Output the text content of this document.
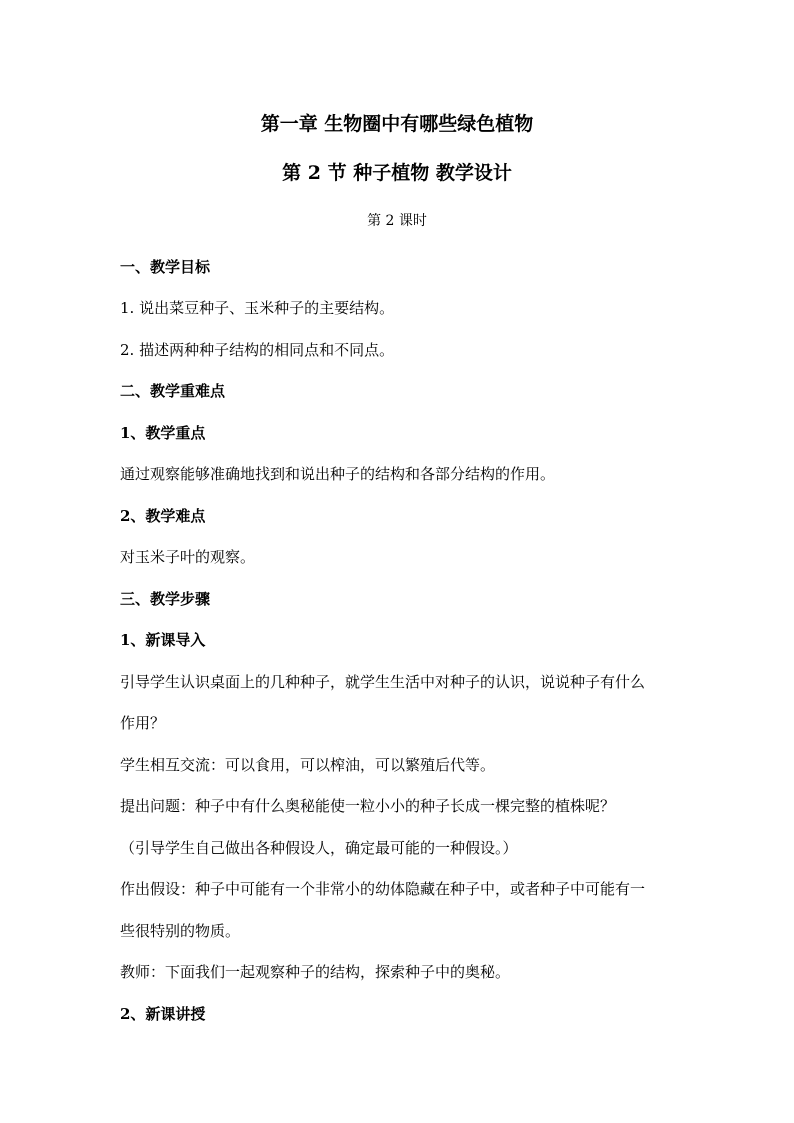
第一章 生物圈中有哪些绿色植物
第 2 节 种子植物 教学设计
第 2 课时
一、教学目标
1. 说出菜豆种子、玉米种子的主要结构。
2. 描述两种种子结构的相同点和不同点。
二、教学重难点
1、教学重点
通过观察能够准确地找到和说出种子的结构和各部分结构的作用。
2、教学难点
对玉米子叶的观察。
三、教学步骤
1、新课导入
引导学生认识桌面上的几种种子，就学生生活中对种子的认识，说说种子有什么
作用？
学生相互交流：可以食用，可以榨油，可以繁殖后代等。
提出问题：种子中有什么奥秘能使一粒小小的种子长成一棵完整的植株呢？
（引导学生自己做出各种假设人，确定最可能的一种假设。）
作出假设：种子中可能有一个非常小的幼体隐藏在种子中，或者种子中可能有一
些很特别的物质。
教师：下面我们一起观察种子的结构，探索种子中的奥秘。
2、新课讲授
